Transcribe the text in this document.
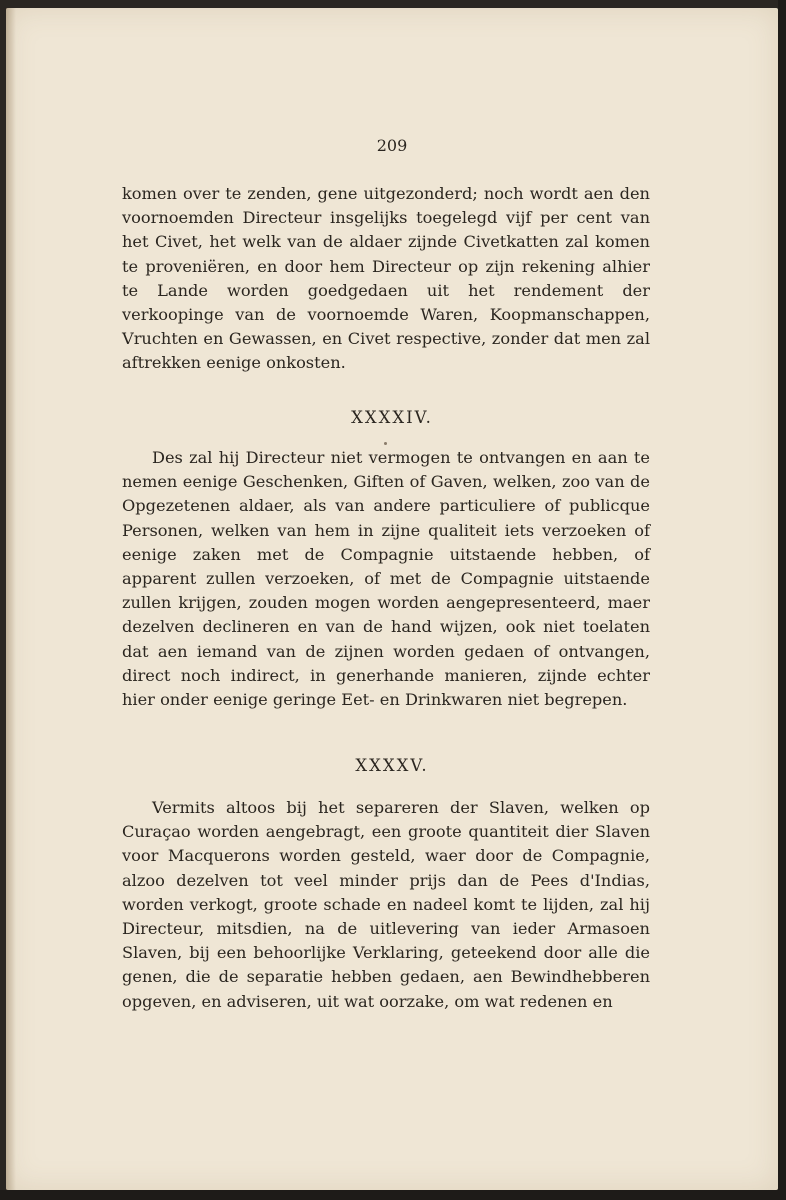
209
komen over te zenden, gene uitgezonderd; noch wordt aen den voornoemden Directeur insgelijks toegelegd vijf per cent van het Civet, het welk van de aldaer zijnde Civetkatten zal komen te proveniëren, en door hem Directeur op zijn rekening alhier te Lande worden goedgedaen uit het rendement der verkoopinge van de voornoemde Waren, Koopmanschappen, Vruchten en Gewassen, en Civet respective, zonder dat men zal aftrekken eenige onkosten.
XXXXIV.
Des zal hij Directeur niet vermogen te ontvangen en aan te nemen eenige Geschenken, Giften of Gaven, welken, zoo van de Opgezetenen aldaer, als van andere particuliere of publicque Personen, welken van hem in zijne qualiteit iets verzoeken of eenige zaken met de Compagnie uitstaende hebben, of apparent zullen verzoeken, of met de Compagnie uitstaende zullen krijgen, zouden mogen worden aengepresenteerd, maer dezelven declineren en van de hand wijzen, ook niet toelaten dat aen iemand van de zijnen worden gedaen of ontvangen, direct noch indirect, in generhande manieren, zijnde echter hier onder eenige geringe Eet- en Drinkwaren niet begrepen.
XXXXV.
Vermits altoos bij het separeren der Slaven, welken op Curaçao worden aengebragt, een groote quantiteit dier Slaven voor Macquerons worden gesteld, waer door de Compagnie, alzoo dezelven tot veel minder prijs dan de Pees d'Indias, worden verkogt, groote schade en nadeel komt te lijden, zal hij Directeur, mitsdien, na de uitlevering van ieder Armasoen Slaven, bij een behoorlijke Verklaring, geteekend door alle die genen, die de separatie hebben gedaen, aen Bewindhebberen opgeven, en adviseren, uit wat oorzake, om wat redenen en
